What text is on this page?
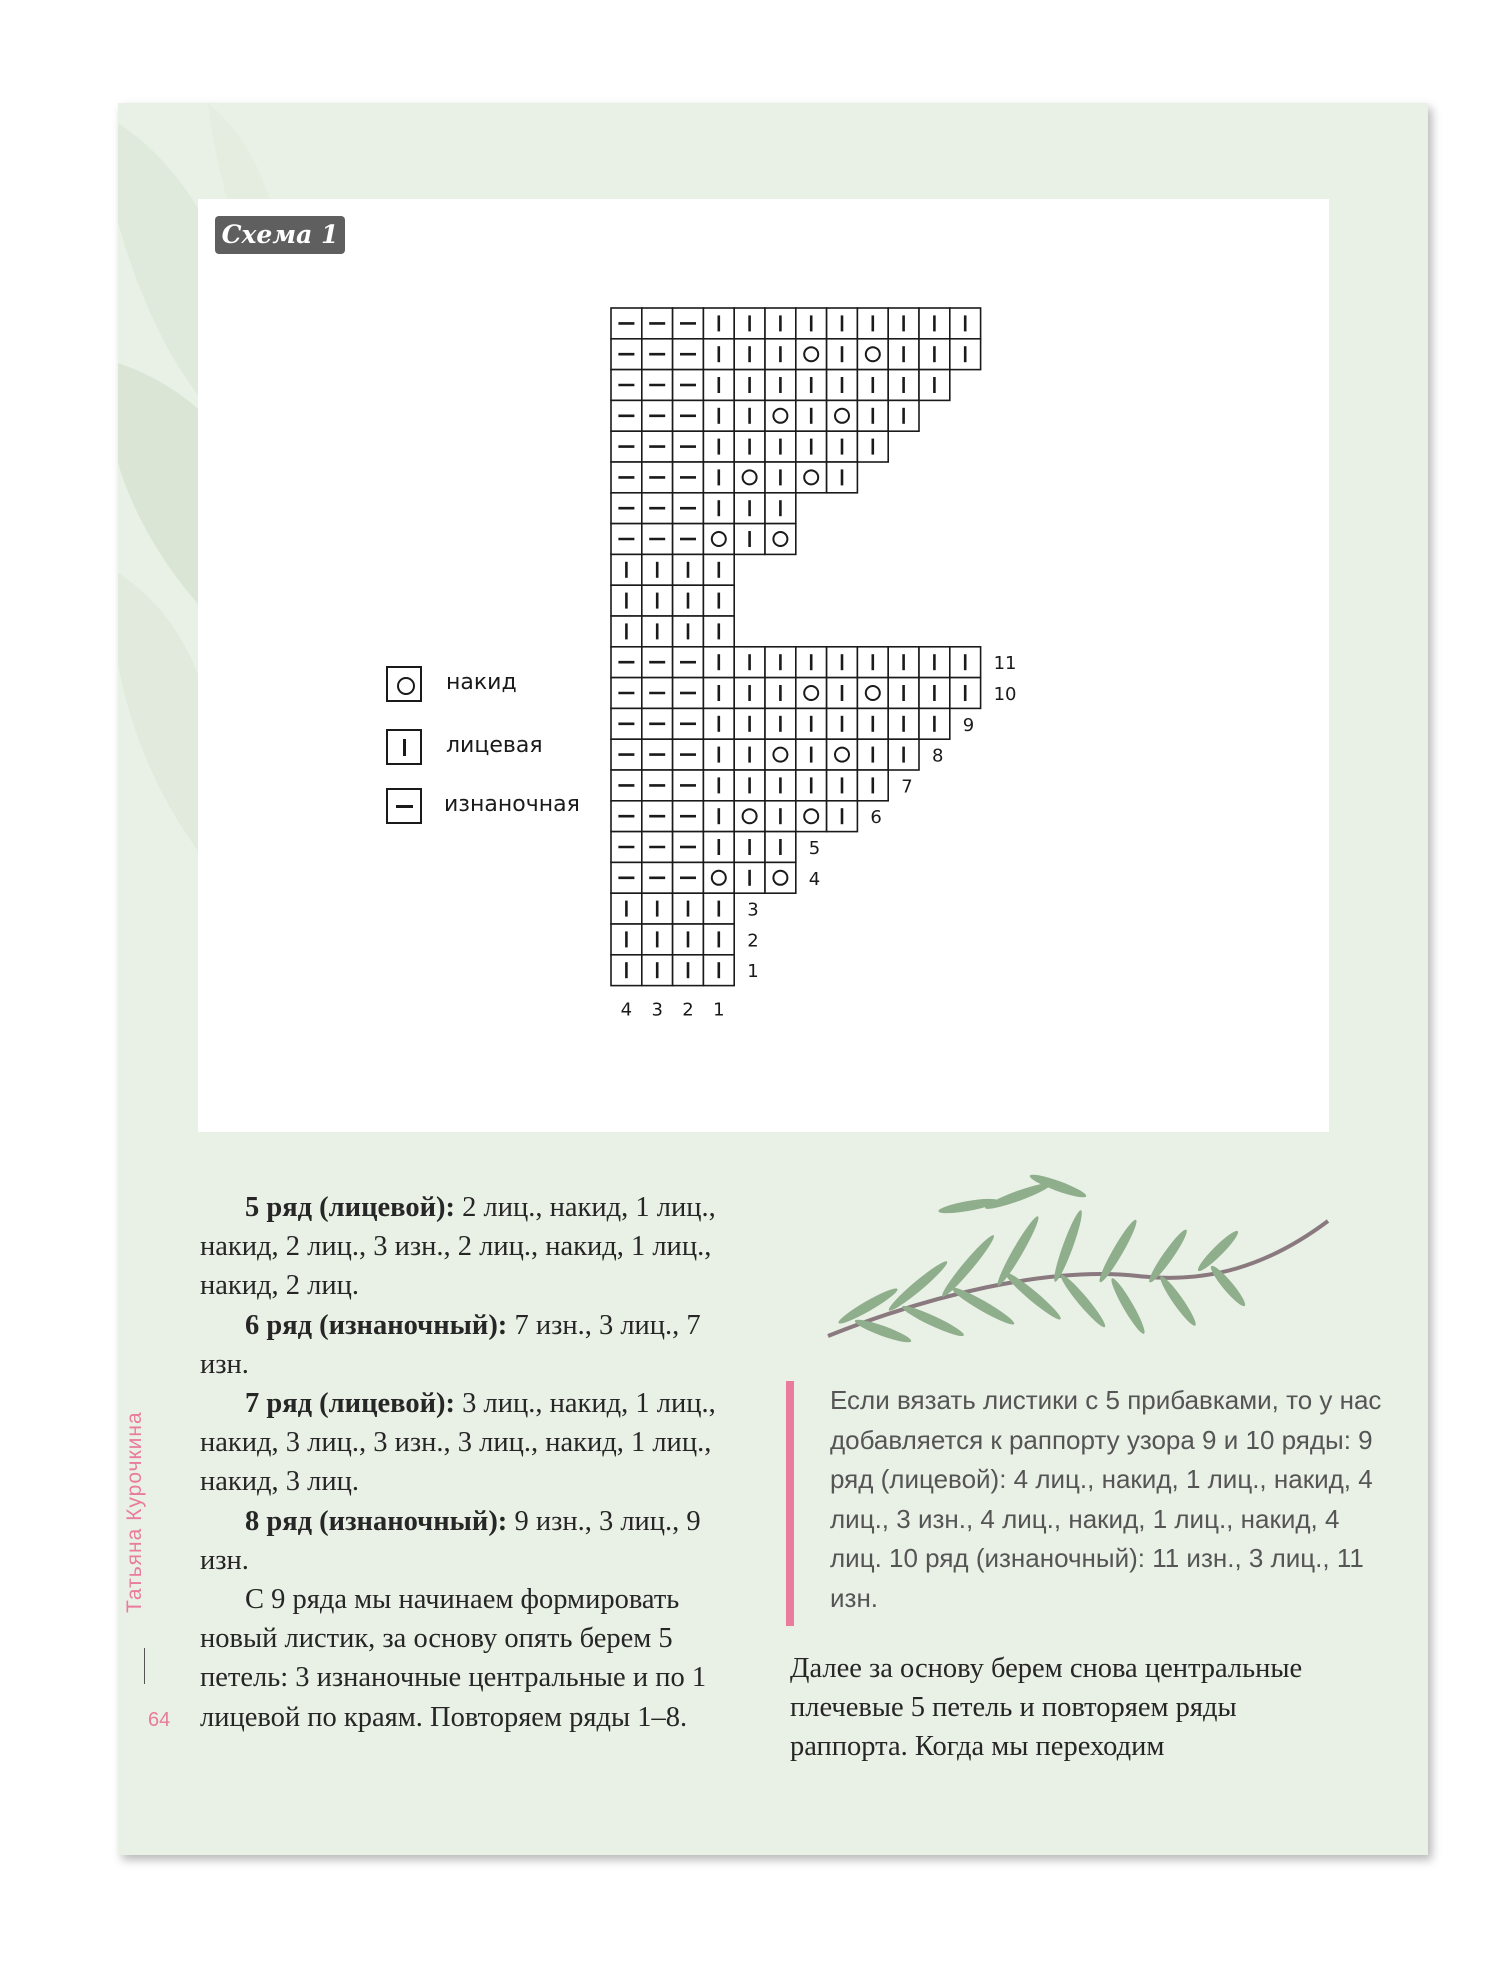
Схема 1
11
10
9
8
7
6
5
4
3
2
1
4 3 2 1
накид
лицевая
изнаночная

5 ряд (лицевой): 2 лиц., накид, 1 лиц., накид, 2 лиц., 3 изн., 2 лиц., накид, 1 лиц., накид, 2 лиц.

6 ряд (изнаночный): 7 изн., 3 лиц., 7 изн.

7 ряд (лицевой): 3 лиц., накид, 1 лиц., накид, 3 лиц., 3 изн., 3 лиц., накид, 1 лиц., накид, 3 лиц.

8 ряд (изнаночный): 9 изн., 3 лиц., 9 изн.

С 9 ряда мы начинаем формировать новый листик, за основу опять берем 5 петель: 3 изнаночные центральные и по 1 лицевой по краям. Повторяем ряды 1–8.

Если вязать листики с 5 прибавками, то у нас добавляется к раппорту узора 9 и 10 ряды: 9 ряд (лицевой): 4 лиц., накид, 1 лиц., накид, 4 лиц., 3 изн., 4 лиц., накид, 1 лиц., накид, 4 лиц. 10 ряд (изнаночный): 11 изн., 3 лиц., 11 изн.

Далее за основу берем снова центральные плечевые 5 петель и повторяем ряды раппорта. Когда мы переходим

Татьяна Курочкина
64
